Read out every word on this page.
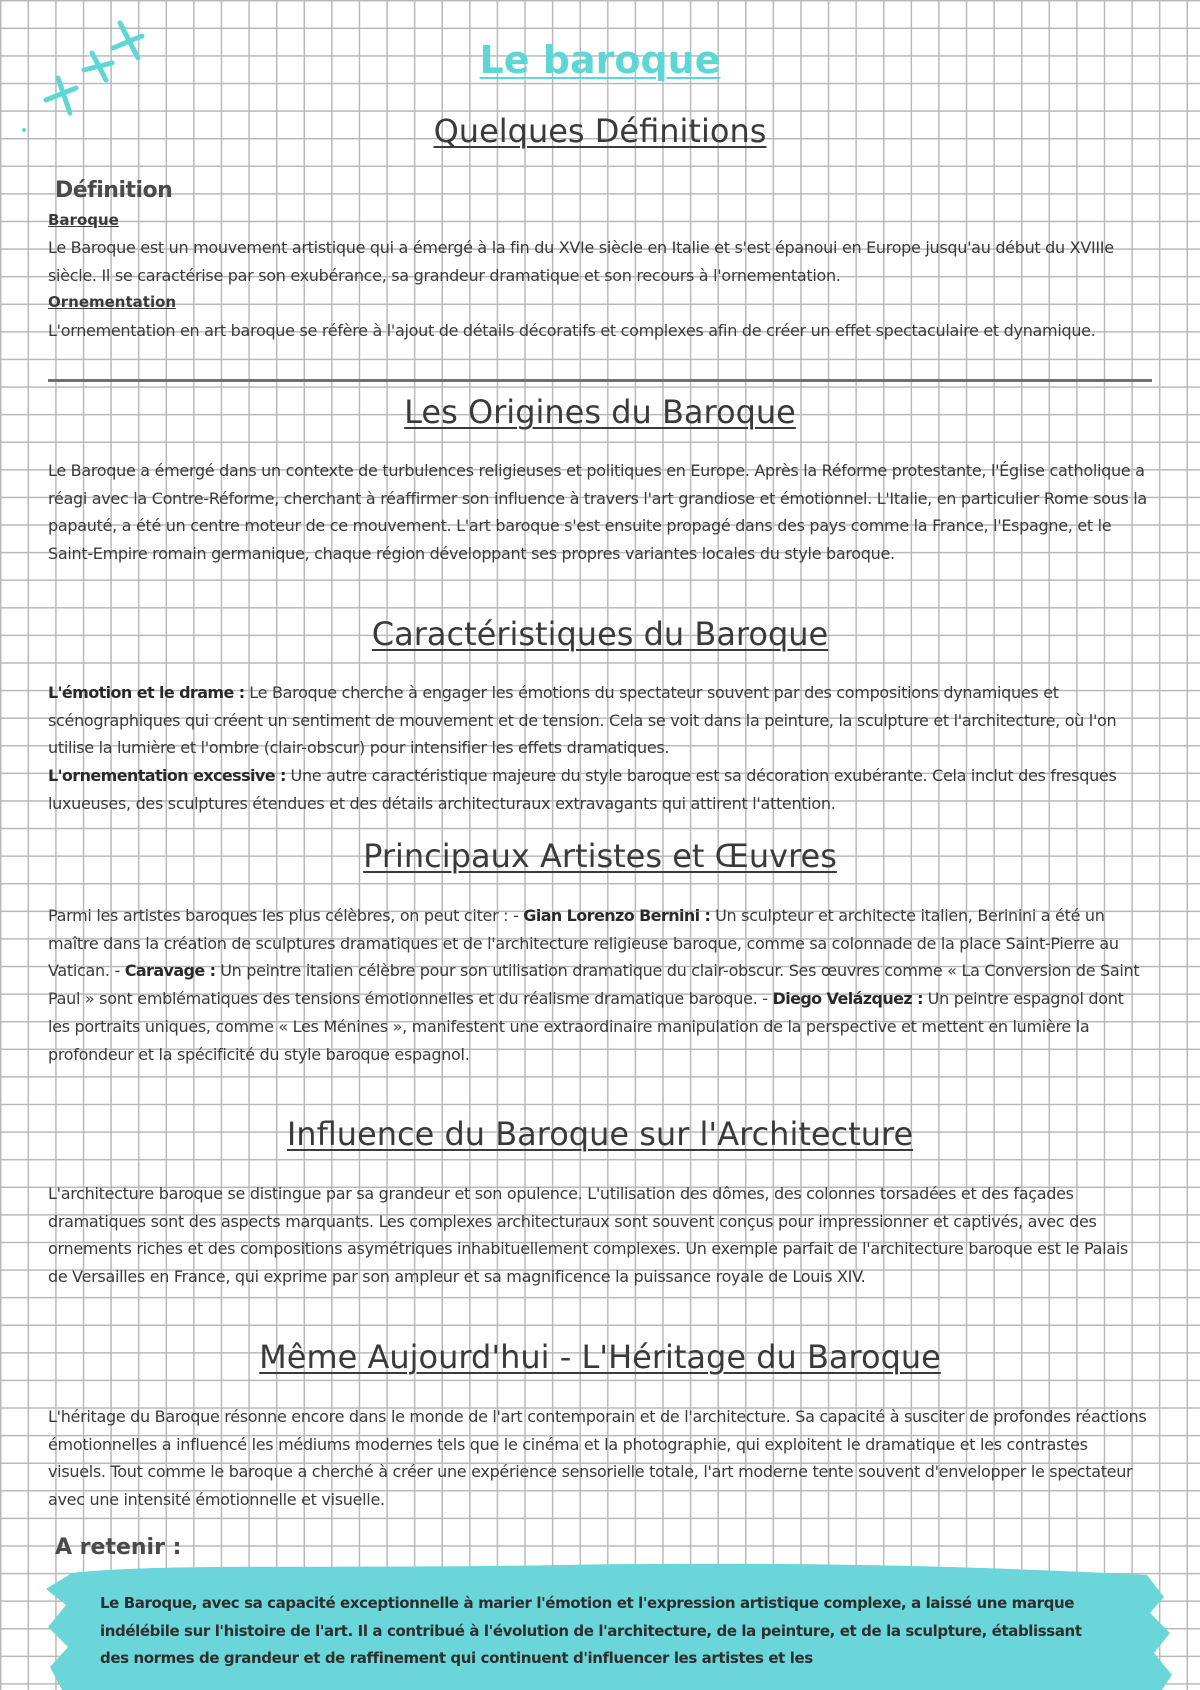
Le baroque
Quelques Définitions
Définition
Baroque

Le Baroque est un mouvement artistique qui a émergé à la fin du XVIe siècle en Italie et s'est épanoui en Europe jusqu'au début du XVIIIe siècle. Il se caractérise par son exubérance, sa grandeur dramatique et son recours à l'ornementation.

Ornementation

L'ornementation en art baroque se réfère à l'ajout de détails décoratifs et complexes afin de créer un effet spectaculaire et dynamique.

Les Origines du Baroque

Le Baroque a émergé dans un contexte de turbulences religieuses et politiques en Europe. Après la Réforme protestante, l'Église catholique a réagi avec la Contre-Réforme, cherchant à réaffirmer son influence à travers l'art grandiose et émotionnel. L'Italie, en particulier Rome sous la papauté, a été un centre moteur de ce mouvement. L'art baroque s'est ensuite propagé dans des pays comme la France, l'Espagne, et le Saint-Empire romain germanique, chaque région développant ses propres variantes locales du style baroque.

Caractéristiques du Baroque

L'émotion et le drame : Le Baroque cherche à engager les émotions du spectateur souvent par des compositions dynamiques et scénographiques qui créent un sentiment de mouvement et de tension. Cela se voit dans la peinture, la sculpture et l'architecture, où l'on utilise la lumière et l'ombre (clair-obscur) pour intensifier les effets dramatiques.
L'ornementation excessive : Une autre caractéristique majeure du style baroque est sa décoration exubérante. Cela inclut des fresques luxueuses, des sculptures étendues et des détails architecturaux extravagants qui attirent l'attention.

Principaux Artistes et Œuvres

Parmi les artistes baroques les plus célèbres, on peut citer : - Gian Lorenzo Bernini : Un sculpteur et architecte italien, Berinini a été un maître dans la création de sculptures dramatiques et de l'architecture religieuse baroque, comme sa colonnade de la place Saint-Pierre au Vatican. - Caravage : Un peintre italien célèbre pour son utilisation dramatique du clair-obscur. Ses œuvres comme « La Conversion de Saint Paul » sont emblématiques des tensions émotionnelles et du réalisme dramatique baroque. - Diego Velázquez : Un peintre espagnol dont les portraits uniques, comme « Les Ménines », manifestent une extraordinaire manipulation de la perspective et mettent en lumière la profondeur et la spécificité du style baroque espagnol.

Influence du Baroque sur l'Architecture

L'architecture baroque se distingue par sa grandeur et son opulence. L'utilisation des dômes, des colonnes torsadées et des façades dramatiques sont des aspects marquants. Les complexes architecturaux sont souvent conçus pour impressionner et captivés, avec des ornements riches et des compositions asymétriques inhabituellement complexes. Un exemple parfait de l'architecture baroque est le Palais de Versailles en France, qui exprime par son ampleur et sa magnificence la puissance royale de Louis XIV.

Même Aujourd'hui - L'Héritage du Baroque

L'héritage du Baroque résonne encore dans le monde de l'art contemporain et de l'architecture. Sa capacité à susciter de profondes réactions émotionnelles a influencé les médiums modernes tels que le cinéma et la photographie, qui exploitent le dramatique et les contrastes visuels. Tout comme le baroque a cherché à créer une expérience sensorielle totale, l'art moderne tente souvent d'envelopper le spectateur avec une intensité émotionnelle et visuelle.

A retenir :

Le Baroque, avec sa capacité exceptionnelle à marier l'émotion et l'expression artistique complexe, a laissé une marque indélébile sur l'histoire de l'art. Il a contribué à l'évolution de l'architecture, de la peinture, et de la sculpture, établissant des normes de grandeur et de raffinement qui continuent d'influencer les artistes et les
